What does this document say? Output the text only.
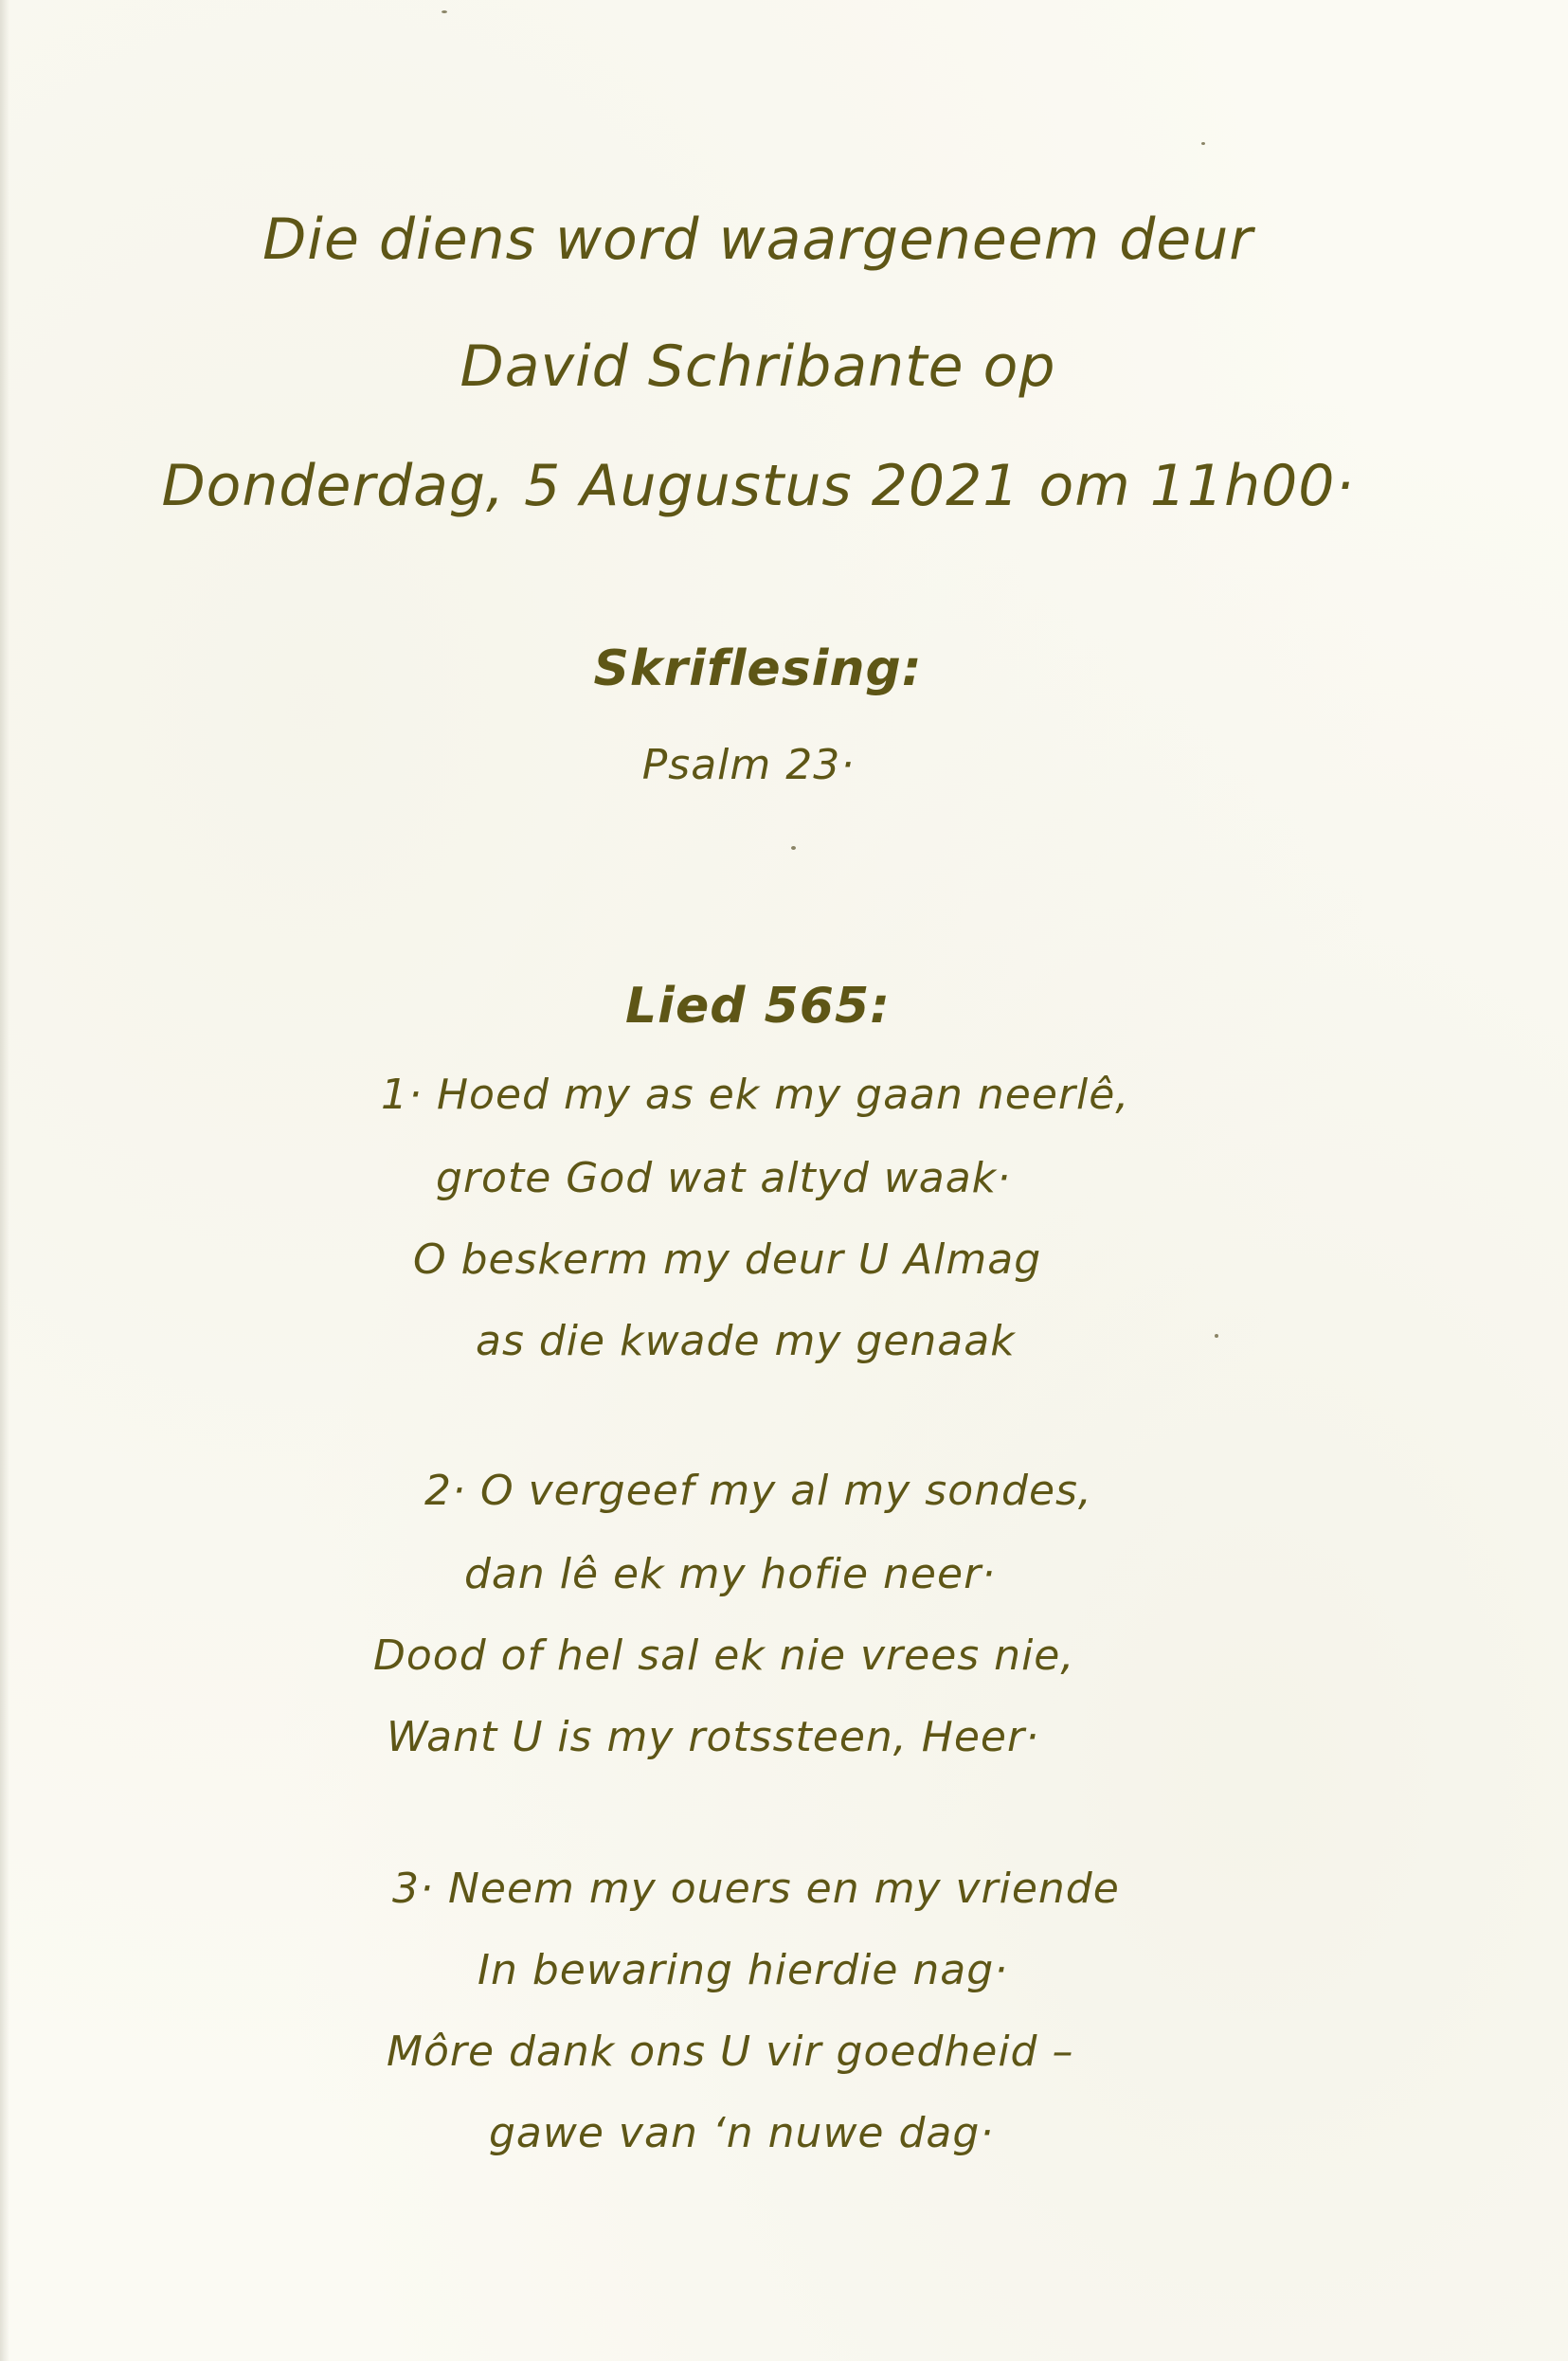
Die diens word waargeneem deur
David Schribante op
Donderdag, 5 Augustus 2021 om 11h00·
Skriflesing:
Psalm 23·
Lied 565:
1· Hoed my as ek my gaan neerlê,
grote God wat altyd waak·
O beskerm my deur U Almag
as die kwade my genaak
2· O vergeef my al my sondes,
dan lê ek my hofie neer·
Dood of hel sal ek nie vrees nie,
Want U is my rotssteen, Heer·
3· Neem my ouers en my vriende
In bewaring hierdie nag·
Môre dank ons U vir goedheid –
gawe van ‘n nuwe dag·
